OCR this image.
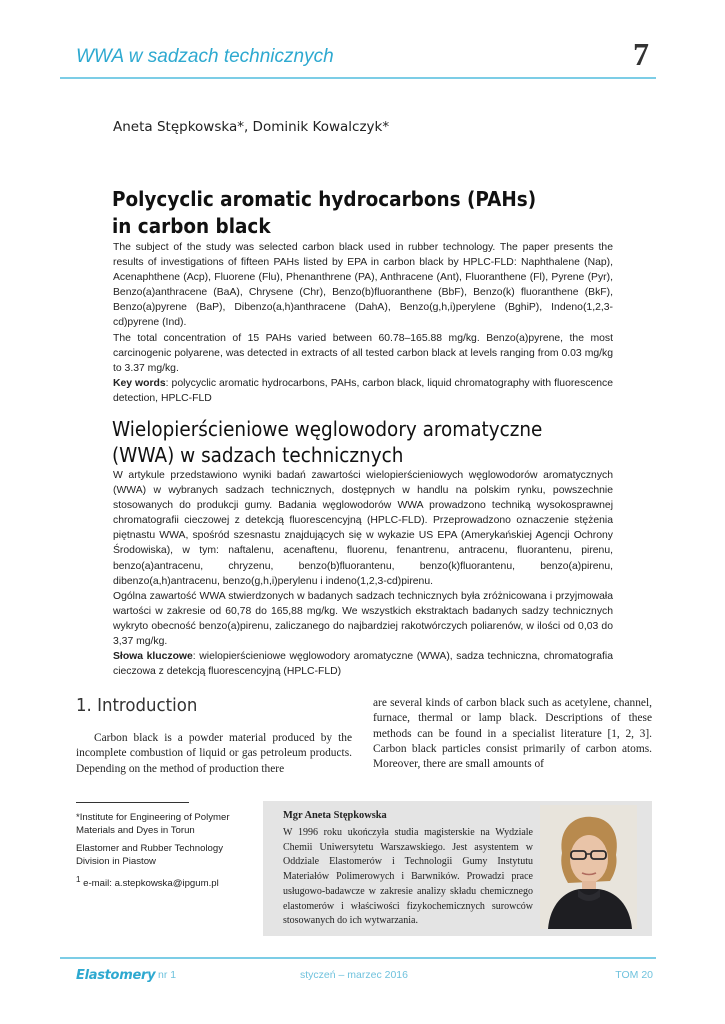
WWA w sadzach technicznych	7
Aneta Stępkowska*, Dominik Kowalczyk*
Polycyclic aromatic hydrocarbons (PAHs)
in carbon black

The subject of the study was selected carbon black used in rubber technology. The paper presents the results of investigations of fifteen PAHs listed by EPA in carbon black by HPLC-FLD: Naphthalene (Nap), Acenaphthene (Acp), Fluorene (Flu), Phenanthrene (PA), Anthracene (Ant), Fluoranthene (Fl), Pyrene (Pyr), Benzo(a)anthracene (BaA), Chrysene (Chr), Benzo(b)fluoranthene (BbF), Benzo(k) fluoranthene (BkF), Benzo(a)pyrene (BaP), Dibenzo(a,h)anthracene (DahA), Benzo(g,h,i)perylene (BghiP), Indeno(1,2,3-cd)pyrene (Ind).

The total concentration of 15 PAHs varied between 60.78–165.88 mg/kg. Benzo(a)pyrene, the most carcinogenic polyarene, was detected in extracts of all tested carbon black at levels ranging from 0.03 mg/kg to 3.37 mg/kg.

Key words: polycyclic aromatic hydrocarbons, PAHs, carbon black, liquid chromatography with fluorescence detection, HPLC-FLD

Wielopierścieniowe węglowodory aromatyczne
(WWA) w sadzach technicznych

W artykule przedstawiono wyniki badań zawartości wielopierścieniowych węglowodorów aromatycznych (WWA) w wybranych sadzach technicznych, dostępnych w handlu na polskim rynku, powszechnie stosowanych do produkcji gumy. Badania węglowodorów WWA prowadzono techniką wysokosprawnej chromatografii cieczowej z detekcją fluorescencyjną (HPLC-FLD). Przeprowadzono oznaczenie stężenia piętnastu WWA, spośród szesnastu znajdujących się w wykazie US EPA (Amerykańskiej Agencji Ochrony Środowiska), w tym: naftalenu, acenaftenu, fluorenu, fenantrenu, antracenu, fluorantenu, pirenu, benzo(a)antracenu, chryzenu, benzo(b)fluorantenu, benzo(k)fluorantenu, benzo(a)pirenu, dibenzo(a,h)antracenu, benzo(g,h,i)perylenu i indeno(1,2,3-cd)pirenu.

Ogólna zawartość WWA stwierdzonych w badanych sadzach technicznych była zróżnicowana i przyjmowała wartości w zakresie od 60,78 do 165,88 mg/kg. We wszystkich ekstraktach badanych sadzy technicznych wykryto obecność benzo(a)pirenu, zaliczanego do najbardziej rakotwórczych poliarenów, w ilości od 0,03 do 3,37 mg/kg.

Słowa kluczowe: wielopierścieniowe węglowodory aromatyczne (WWA), sadza techniczna, chromatografia cieczowa z detekcją fluorescencyjną (HPLC-FLD)

1. Introduction
Carbon black is a powder material produced by the incomplete combustion of liquid or gas petroleum products. Depending on the method of production there
are several kinds of carbon black such as acetylene, channel, furnace, thermal or lamp black. Descriptions of these methods can be found in a specialist literature [1, 2, 3]. Carbon black particles consist primarily of carbon atoms. Moreover, there are small amounts of

*Institute for Engineering of Polymer Materials and Dyes in Torun

Elastomer and Rubber Technology Division in Piastow

$^1$ e-mail: a.stepkowska@ipgum.pl

Mgr Aneta Stępkowska
W 1996 roku ukończyła studia magisterskie na Wydziale Chemii Uniwersytetu Warszawskiego. Jest asystentem w Oddziale Elastomerów i Technologii Gumy Instytutu Materiałów Polimerowych i Barwników. Prowadzi prace usługowo-badawcze w zakresie analizy składu chemicznego elastomerów i właściwości fizykochemicznych surowców stosowanych do ich wytwarzania.
Elastomery nr 1	styczeń – marzec 2016	TOM 20
